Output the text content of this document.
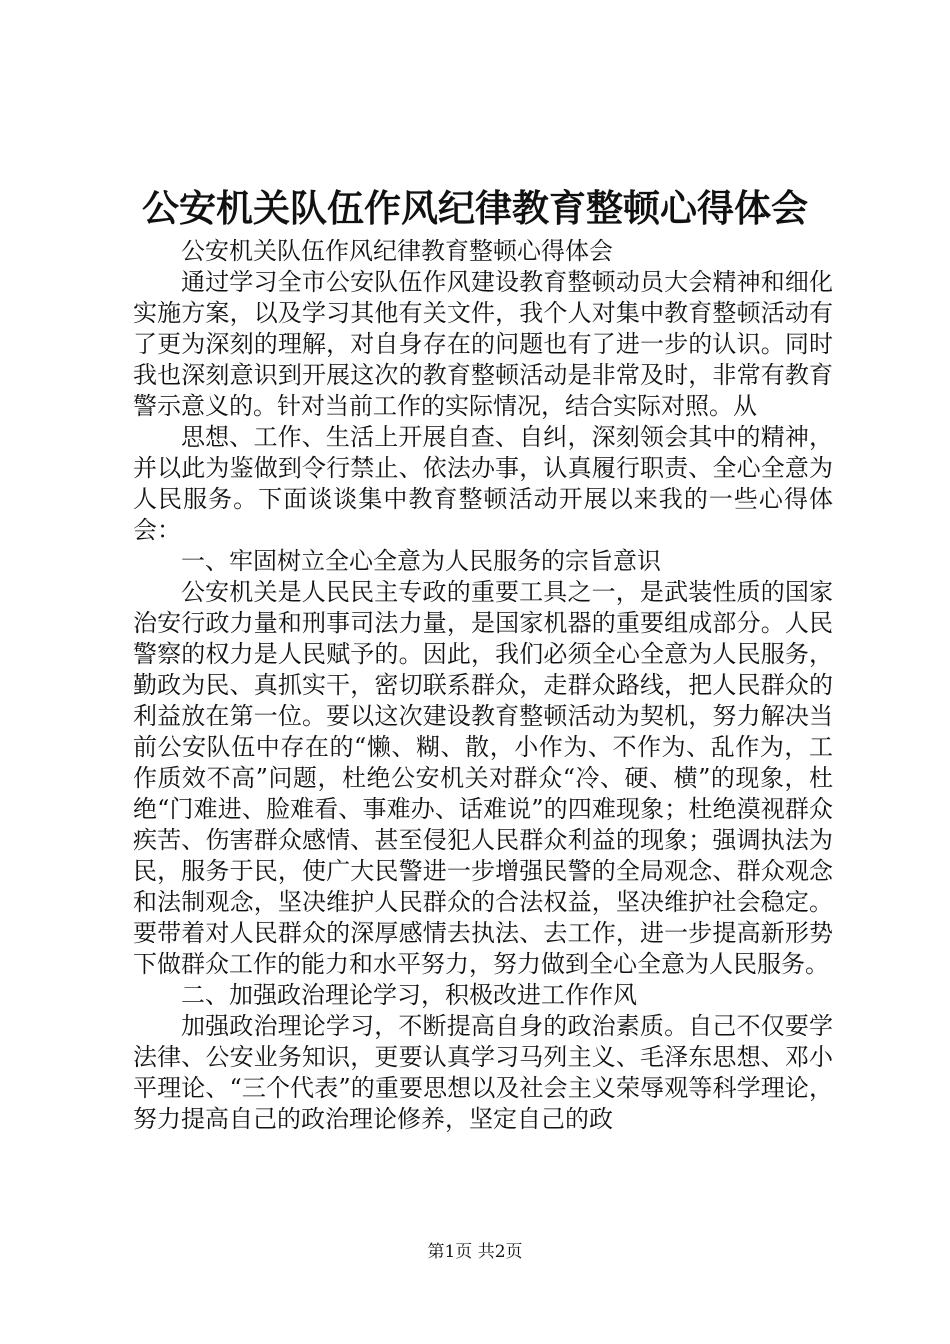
公安机关队伍作风纪律教育整顿心得体会

公安机关队伍作风纪律教育整顿心得体会

通过学习全市公安队伍作风建设教育整顿动员大会精神和细化实施方案，以及学习其他有关文件，我个人对集中教育整顿活动有了更为深刻的理解，对自身存在的问题也有了进一步的认识。同时我也深刻意识到开展这次的教育整顿活动是非常及时，非常有教育警示意义的。针对当前工作的实际情况，结合实际对照。从

思想、工作、生活上开展自查、自纠，深刻领会其中的精神，并以此为鉴做到令行禁止、依法办事，认真履行职责、全心全意为人民服务。下面谈谈集中教育整顿活动开展以来我的一些心得体会：

一、牢固树立全心全意为人民服务的宗旨意识

公安机关是人民民主专政的重要工具之一，是武装性质的国家治安行政力量和刑事司法力量，是国家机器的重要组成部分。人民警察的权力是人民赋予的。因此，我们必须全心全意为人民服务，勤政为民、真抓实干，密切联系群众，走群众路线，把人民群众的利益放在第一位。要以这次建设教育整顿活动为契机，努力解决当前公安队伍中存在的“懒、糊、散，小作为、不作为、乱作为，工作质效不高”问题，杜绝公安机关对群众“冷、硬、横”的现象，杜绝“门难进、脸难看、事难办、话难说”的四难现象；杜绝漠视群众疾苦、伤害群众感情、甚至侵犯人民群众利益的现象；强调执法为民，服务于民，使广大民警进一步增强民警的全局观念、群众观念和法制观念，坚决维护人民群众的合法权益，坚决维护社会稳定。要带着对人民群众的深厚感情去执法、去工作，进一步提高新形势下做群众工作的能力和水平努力，努力做到全心全意为人民服务。

二、加强政治理论学习，积极改进工作作风

加强政治理论学习，不断提高自身的政治素质。自己不仅要学法律、公安业务知识，更要认真学习马列主义、毛泽东思想、邓小平理论、“三个代表”的重要思想以及社会主义荣辱观等科学理论，努力提高自己的政治理论修养，坚定自己的政

第1页 共2页
